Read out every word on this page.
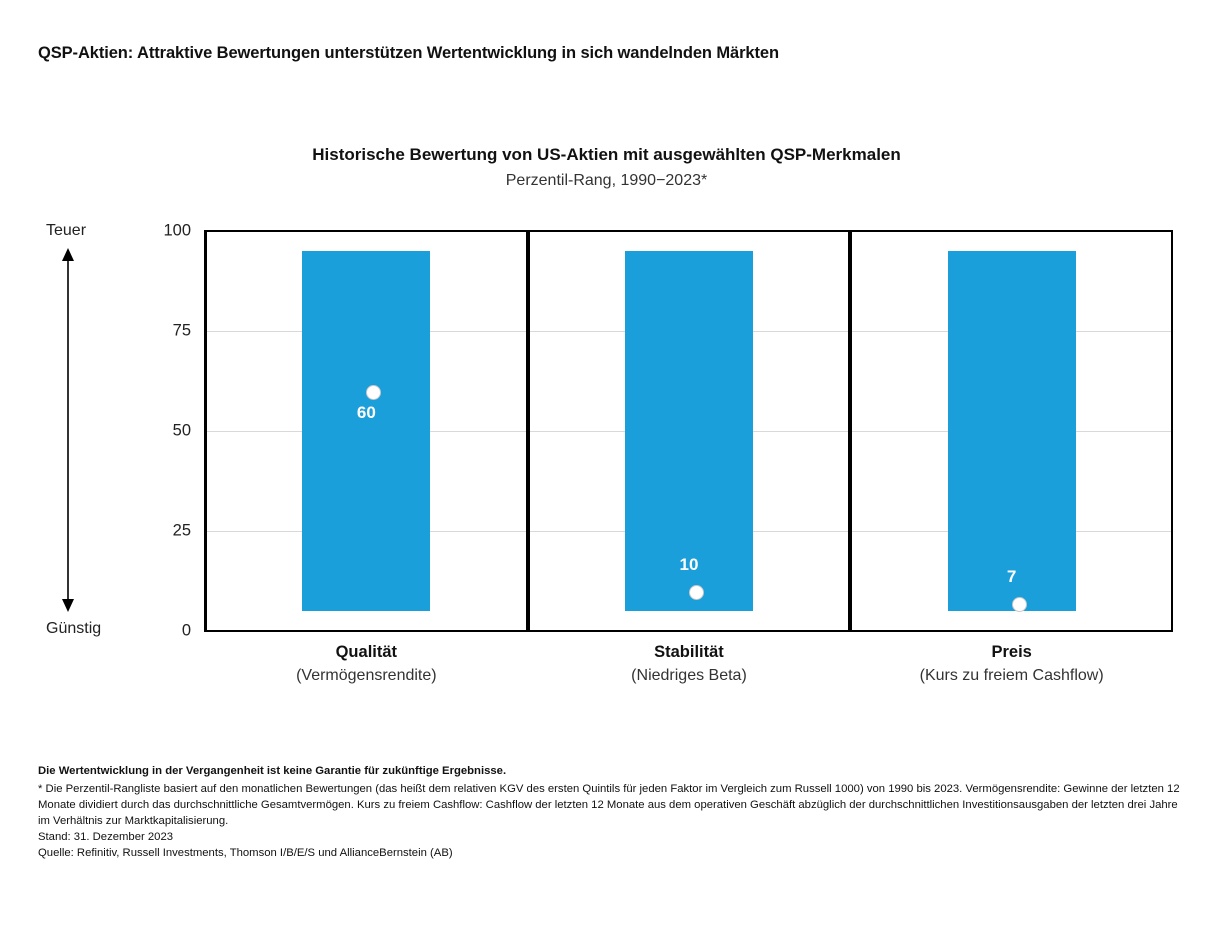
QSP-Aktien: Attraktive Bewertungen unterstützen Wertentwicklung in sich wandelnden Märkten
Historische Bewertung von US-Aktien mit ausgewählten QSP-Merkmalen
Perzentil-Rang, 1990−2023*
Teuer
Günstig	0
25
50
75
100
60
Qualität
(Vermögensrendite)
10
Stabilität
(Niedriges Beta)
7
Preis
(Kurs zu freiem Cashflow)
Die Wertentwicklung in der Vergangenheit ist keine Garantie für zukünftige Ergebnisse.
* Die Perzentil-Rangliste basiert auf den monatlichen Bewertungen (das heißt dem relativen KGV des ersten Quintils für jeden Faktor im Vergleich zum Russell 1000) von 1990 bis 2023. Vermögensrendite: Gewinne der letzten 12 Monate dividiert durch das durchschnittliche Gesamtvermögen. Kurs zu freiem Cashflow: Cashflow der letzten 12 Monate aus dem operativen Geschäft abzüglich der durchschnittlichen Investitionsausgaben der letzten drei Jahre im Verhältnis zur Marktkapitalisierung.
Stand: 31. Dezember 2023
Quelle: Refinitiv, Russell Investments, Thomson I/B/E/S und AllianceBernstein (AB)
